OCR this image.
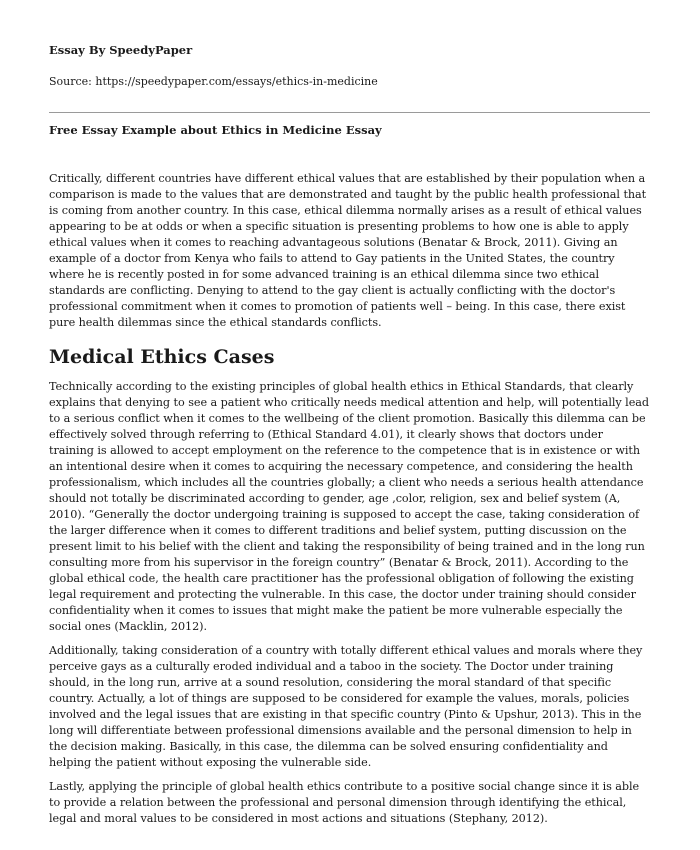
Essay By SpeedyPaper

Source: https://speedypaper.com/essays/ethics-in-medicine

Free Essay Example about Ethics in Medicine Essay

Critically, different countries have different ethical values that are established by their population when a comparison is made to the values that are demonstrated and taught by the public health professional that is coming from another country. In this case, ethical dilemma normally arises as a result of ethical values appearing to be at odds or when a specific situation is presenting problems to how one is able to apply ethical values when it comes to reaching advantageous solutions (Benatar & Brock, 2011). Giving an example of a doctor from Kenya who fails to attend to Gay patients in the United States, the country where he is recently posted in for some advanced training is an ethical dilemma since two ethical standards are conflicting. Denying to attend to the gay client is actually conflicting with the doctor's professional commitment when it comes to promotion of patients well – being. In this case, there exist pure health dilemmas since the ethical standards conflicts.

Medical Ethics Cases

Technically according to the existing principles of global health ethics in Ethical Standards, that clearly explains that denying to see a patient who critically needs medical attention and help, will potentially lead to a serious conflict when it comes to the wellbeing of the client promotion. Basically this dilemma can be effectively solved through referring to (Ethical Standard 4.01), it clearly shows that doctors under training is allowed to accept employment on the reference to the competence that is in existence or with an intentional desire when it comes to acquiring the necessary competence, and considering the health professionalism, which includes all the countries globally; a client who needs a serious health attendance should not totally be discriminated according to gender, age ,color, religion, sex and belief system (A, 2010). “Generally the doctor undergoing training is supposed to accept the case, taking consideration of the larger difference when it comes to different traditions and belief system, putting discussion on the present limit to his belief with the client and taking the responsibility of being trained and in the long run consulting more from his supervisor in the foreign country” (Benatar & Brock, 2011). According to the global ethical code, the health care practitioner has the professional obligation of following the existing legal requirement and protecting the vulnerable. In this case, the doctor under training should consider confidentiality when it comes to issues that might make the patient be more vulnerable especially the social ones (Macklin, 2012).

Additionally, taking consideration of a country with totally different ethical values and morals where they perceive gays as a culturally eroded individual and a taboo in the society. The Doctor under training should, in the long run, arrive at a sound resolution, considering the moral standard of that specific country. Actually, a lot of things are supposed to be considered for example the values, morals, policies involved and the legal issues that are existing in that specific country (Pinto & Upshur, 2013). This in the long will differentiate between professional dimensions available and the personal dimension to help in the decision making. Basically, in this case, the dilemma can be solved ensuring confidentiality and helping the patient without exposing the vulnerable side.

Lastly, applying the principle of global health ethics contribute to a positive social change since it is able to provide a relation between the professional and personal dimension through identifying the ethical, legal and moral values to be considered in most actions and situations (Stephany, 2012).
